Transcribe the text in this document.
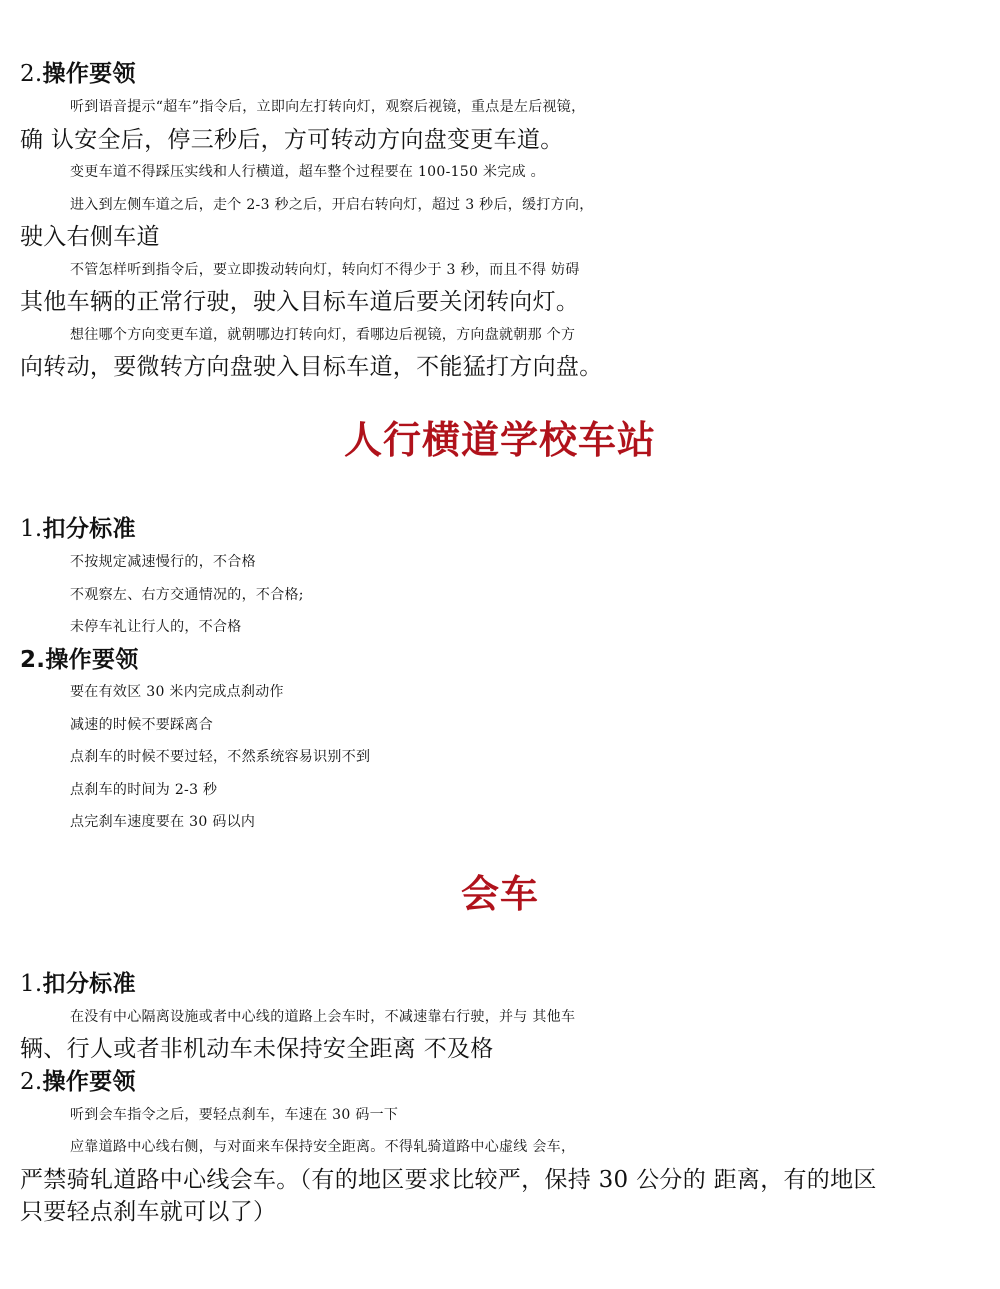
2.操作要领
听到语音提示“超车”指令后，立即向左打转向灯，观察后视镜，重点是左后视镜，
确 认安全后，停三秒后，方可转动方向盘变更车道。
变更车道不得踩压实线和人行横道，超车整个过程要在 100-150 米完成 。
进入到左侧车道之后，走个 2-3 秒之后，开启右转向灯，超过 3 秒后，缓打方向，
驶入右侧车道
不管怎样听到指令后，要立即拨动转向灯，转向灯不得少于 3 秒，而且不得 妨碍
其他车辆的正常行驶，驶入目标车道后要关闭转向灯。
想往哪个方向变更车道，就朝哪边打转向灯，看哪边后视镜，方向盘就朝那 个方
向转动，要微转方向盘驶入目标车道，不能猛打方向盘。
人行横道学校车站
1.扣分标准
不按规定减速慢行的，不合格
不观察左、右方交通情况的，不合格;
未停车礼让行人的，不合格
2.操作要领
要在有效区 30 米内完成点刹动作
减速的时候不要踩离合
点刹车的时候不要过轻，不然系统容易识别不到
点刹车的时间为 2-3 秒
点完刹车速度要在 30 码以内
会车
1.扣分标准
在没有中心隔离设施或者中心线的道路上会车时，不减速靠右行驶，并与 其他车
辆、行人或者非机动车未保持安全距离 不及格
2.操作要领
听到会车指令之后，要轻点刹车，车速在 30 码一下
应靠道路中心线右侧，与对面来车保持安全距离。不得轧骑道路中心虚线 会车，
严禁骑轧道路中心线会车。（有的地区要求比较严，保持 30 公分的 距离，有的地区
只要轻点刹车就可以了）
